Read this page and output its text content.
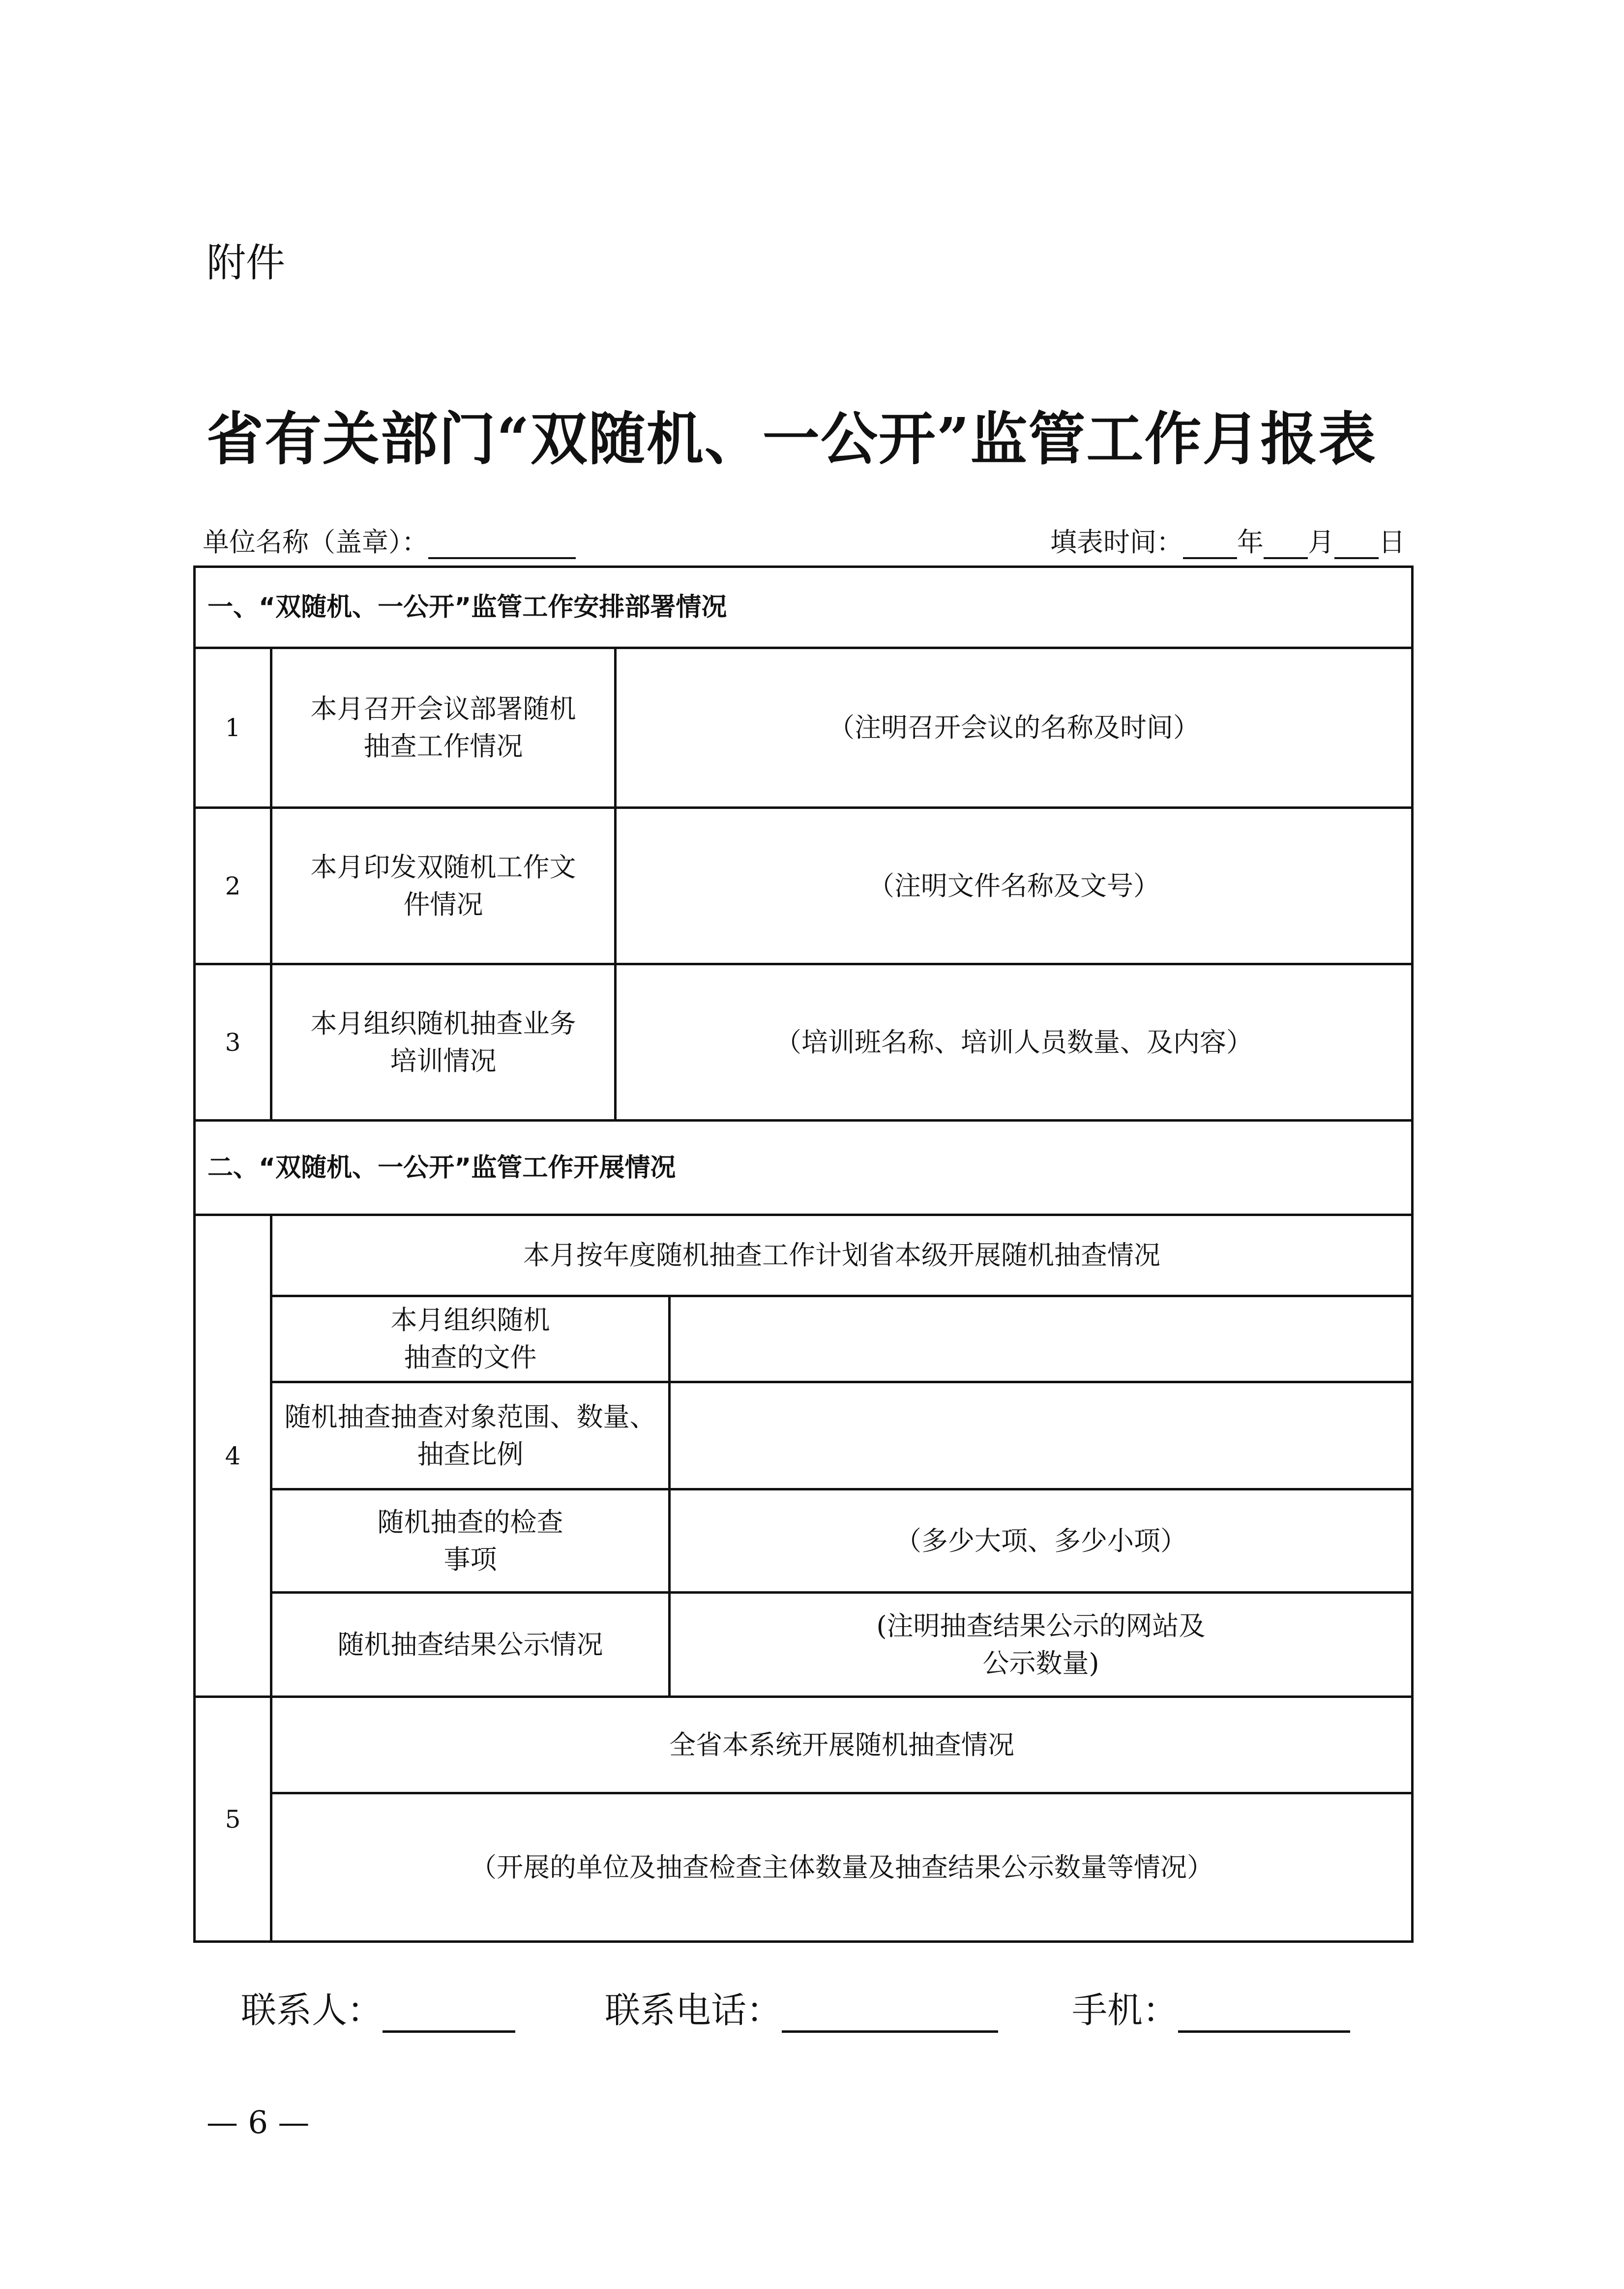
附件
省有关部门“双随机、一公开”监管工作月报表
单位名称（盖章）：	填表时间： 年 月 日
一、“双随机、一公开”监管工作安排部署情况			
1	本月召开会议部署随机
抽查工作情况	（注明召开会议的名称及时间）	
2	本月印发双随机工作文
件情况	（注明文件名称及文号）	
3	本月组织随机抽查业务
培训情况	（培训班名称、培训人员数量、及内容）	
二、“双随机、一公开”监管工作开展情况			
4	本月按年度随机抽查工作计划省本级开展随机抽查情况		
	本月组织随机
抽查的文件		
	随机抽查抽查对象范围、数量、
抽查比例		
	随机抽查的检查
事项		（多少大项、多少小项）
	随机抽查结果公示情况		(注明抽查结果公示的网站及
公示数量)
5	全省本系统开展随机抽查情况		
	（开展的单位及抽查检查主体数量及抽查结果公示数量等情况）		
联系人：	联系电话：	手机：
— 6 —
